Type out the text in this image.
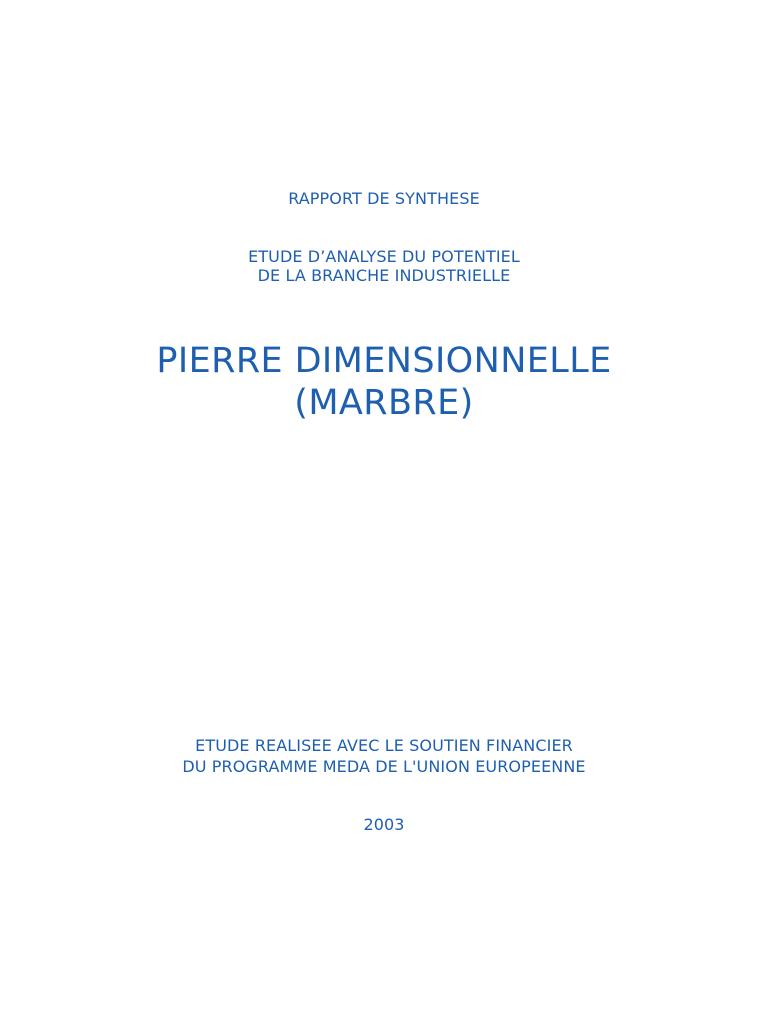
RAPPORT DE SYNTHESE
ETUDE D’ANALYSE DU POTENTIEL
DE LA BRANCHE INDUSTRIELLE
PIERRE DIMENSIONNELLE
(MARBRE)
ETUDE REALISEE AVEC LE SOUTIEN FINANCIER
DU PROGRAMME MEDA DE L'UNION EUROPEENNE
2003
